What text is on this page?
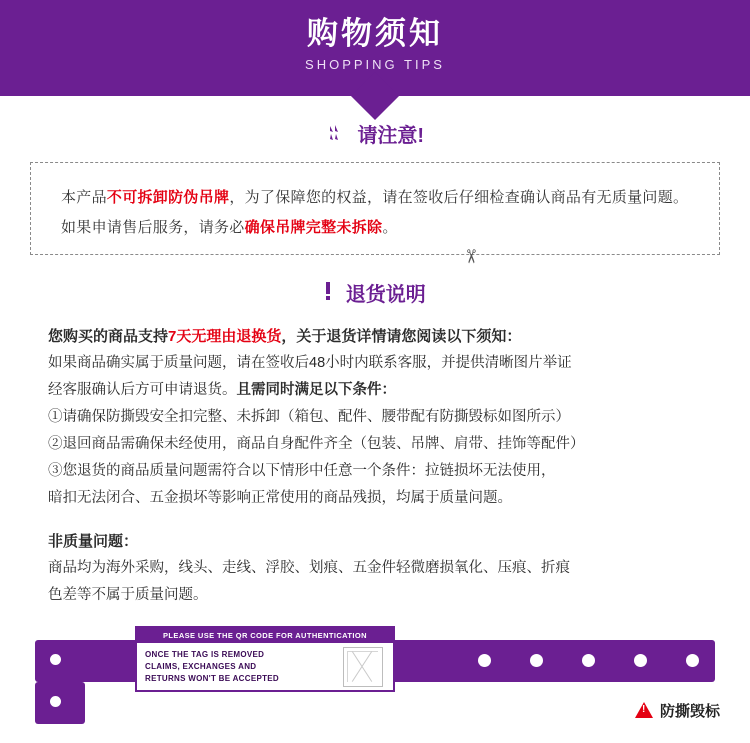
购物须知
SHOPPING TIPS
请注意!

本产品不可拆卸防伪吊牌，为了保障您的权益，请在签收后仔细检查确认商品有无质量问题。如果申请售后服务，请务必确保吊牌完整未拆除。

✂
退货说明
您购买的商品支持7天无理由退换货，关于退货详情请您阅读以下须知：
如果商品确实属于质量问题，请在签收后48小时内联系客服，并提供清晰图片举证
经客服确认后方可申请退货。且需同时满足以下条件：
①请确保防撕毁安全扣完整、未拆卸（箱包、配件、腰带配有防撕毁标如图所示）
②退回商品需确保未经使用，商品自身配件齐全（包装、吊牌、肩带、挂饰等配件）
③您退货的商品质量问题需符合以下情形中任意一个条件：拉链损坏无法使用，
暗扣无法闭合、五金损坏等影响正常使用的商品残损，均属于质量问题。
非质量问题：
商品均为海外采购，线头、走线、浮胶、划痕、五金件轻微磨损氧化、压痕、折痕
色差等不属于质量问题。
PLEASE USE THE QR CODE FOR AUTHENTICATION
ONCE THE TAG IS REMOVED
CLAIMS, EXCHANGES AND
RETURNS WON'T BE ACCEPTED
!防撕毁标
